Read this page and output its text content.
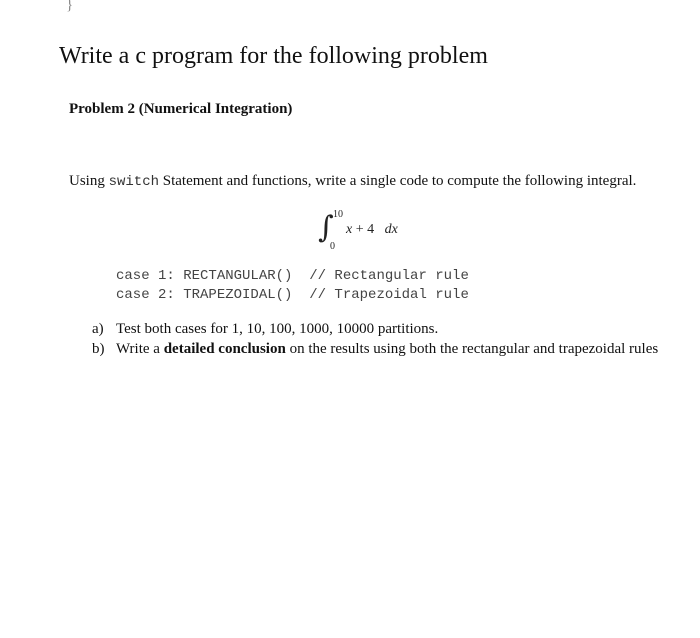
}
Write a c program for the following problem
Problem 2 (Numerical Integration)
Using switch Statement and functions, write a single code to compute the following integral.
∫ 10
0
x + 4 dx
case 1: RECTANGULAR()  // Rectangular rule
case 2: TRAPEZOIDAL()  // Trapezoidal rule
a) Test both cases for 1, 10, 100, 1000, 10000 partitions.
b) Write a detailed conclusion on the results using both the rectangular and trapezoidal rules
